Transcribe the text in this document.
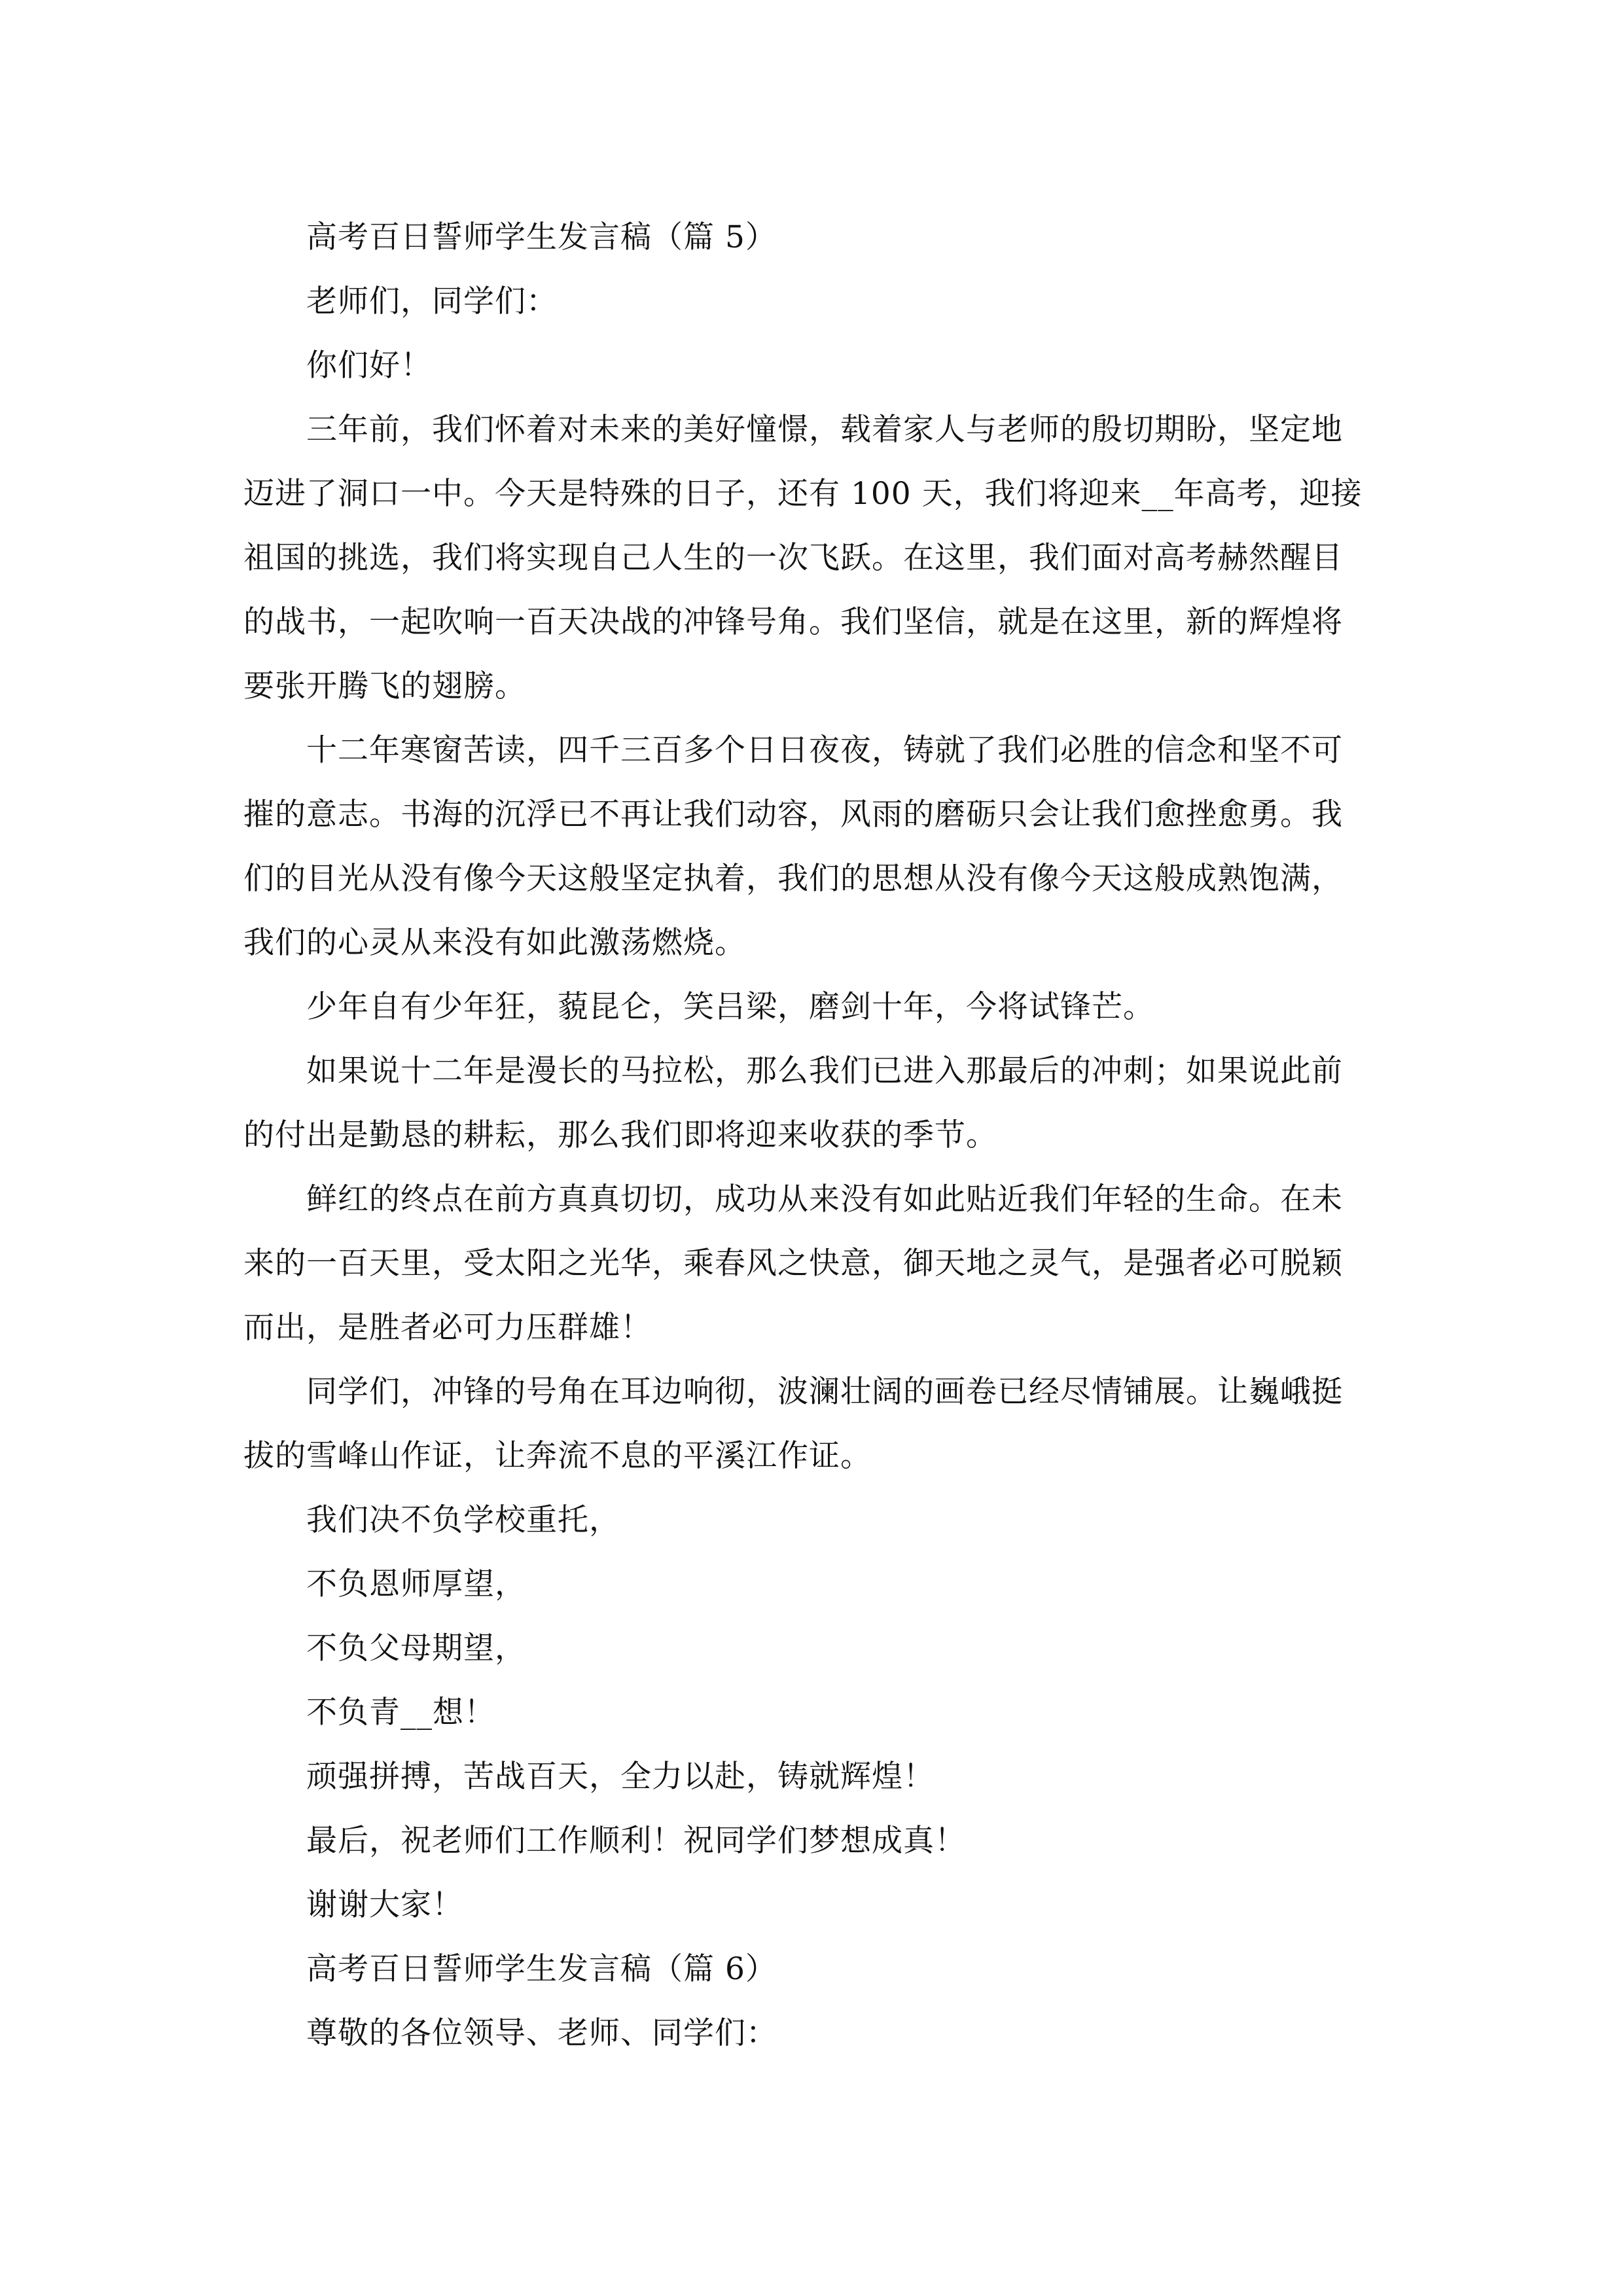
高考百日誓师学生发言稿（篇 5）
老师们，同学们：
你们好！
三年前，我们怀着对未来的美好憧憬，载着家人与老师的殷切期盼，坚定地
迈进了洞口一中。今天是特殊的日子，还有 100 天，我们将迎来__年高考，迎接
祖国的挑选，我们将实现自己人生的一次飞跃。在这里，我们面对高考赫然醒目
的战书，一起吹响一百天决战的冲锋号角。我们坚信，就是在这里，新的辉煌将
要张开腾飞的翅膀。
十二年寒窗苦读，四千三百多个日日夜夜，铸就了我们必胜的信念和坚不可
摧的意志。书海的沉浮已不再让我们动容，风雨的磨砺只会让我们愈挫愈勇。我
们的目光从没有像今天这般坚定执着，我们的思想从没有像今天这般成熟饱满，
我们的心灵从来没有如此激荡燃烧。
少年自有少年狂，藐昆仑，笑吕梁，磨剑十年，今将试锋芒。
如果说十二年是漫长的马拉松，那么我们已进入那最后的冲刺；如果说此前
的付出是勤恳的耕耘，那么我们即将迎来收获的季节。
鲜红的终点在前方真真切切，成功从来没有如此贴近我们年轻的生命。在未
来的一百天里，受太阳之光华，乘春风之快意，御天地之灵气，是强者必可脱颖
而出，是胜者必可力压群雄！
同学们，冲锋的号角在耳边响彻，波澜壮阔的画卷已经尽情铺展。让巍峨挺
拔的雪峰山作证，让奔流不息的平溪江作证。
我们决不负学校重托，
不负恩师厚望，
不负父母期望，
不负青__想！
顽强拼搏，苦战百天，全力以赴，铸就辉煌！
最后，祝老师们工作顺利！祝同学们梦想成真！
谢谢大家！
高考百日誓师学生发言稿（篇 6）
尊敬的各位领导、老师、同学们：
